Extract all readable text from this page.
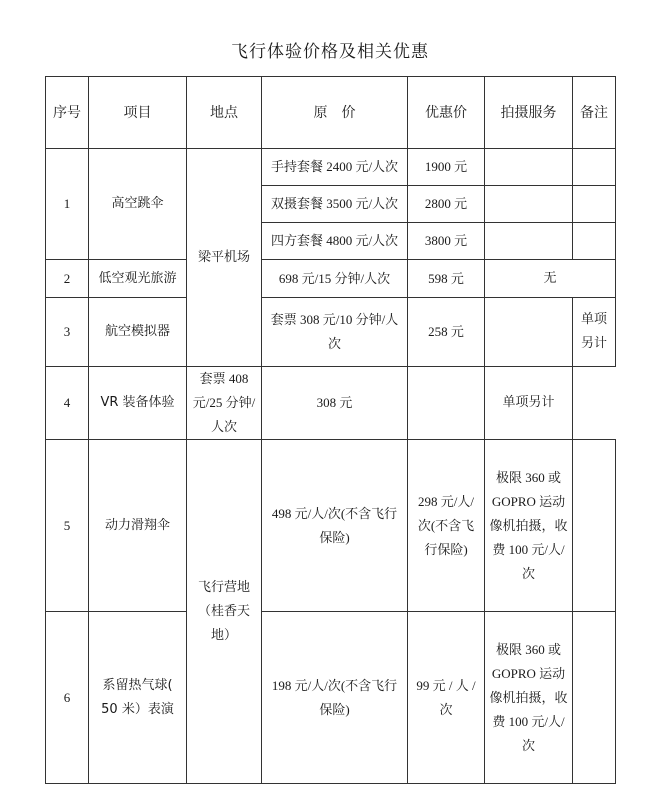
飞行体验价格及相关优惠
序号	项目	地点	原　价	优惠价	拍摄服务	备注
1	高空跳伞	梁平机场	手持套餐 2400 元/人次	1900 元		
			双摄套餐 3500 元/人次	2800 元		
			四方套餐 4800 元/人次	3800 元		
2	低空观光旅游		698 元/15 分钟/人次	598 元	无	
3	航空模拟器		套票 308 元/10 分钟/人次	258 元		单项另计
4	VR 装备体验	套票 408 元/25 分钟/人次	308 元		单项另计	
5	动力滑翔伞	飞行营地（桂香天地）	498 元/人/次(不含飞行保险)	298 元/人/次(不含飞行保险)	极限 360 或 GOPRO 运动像机拍摄，收费 100 元/人/次	
6	系留热气球( 50 米）表演		198 元/人/次(不含飞行保险)	99 元 / 人 / 次	极限 360 或 GOPRO 运动像机拍摄，收费 100 元/人/次	
